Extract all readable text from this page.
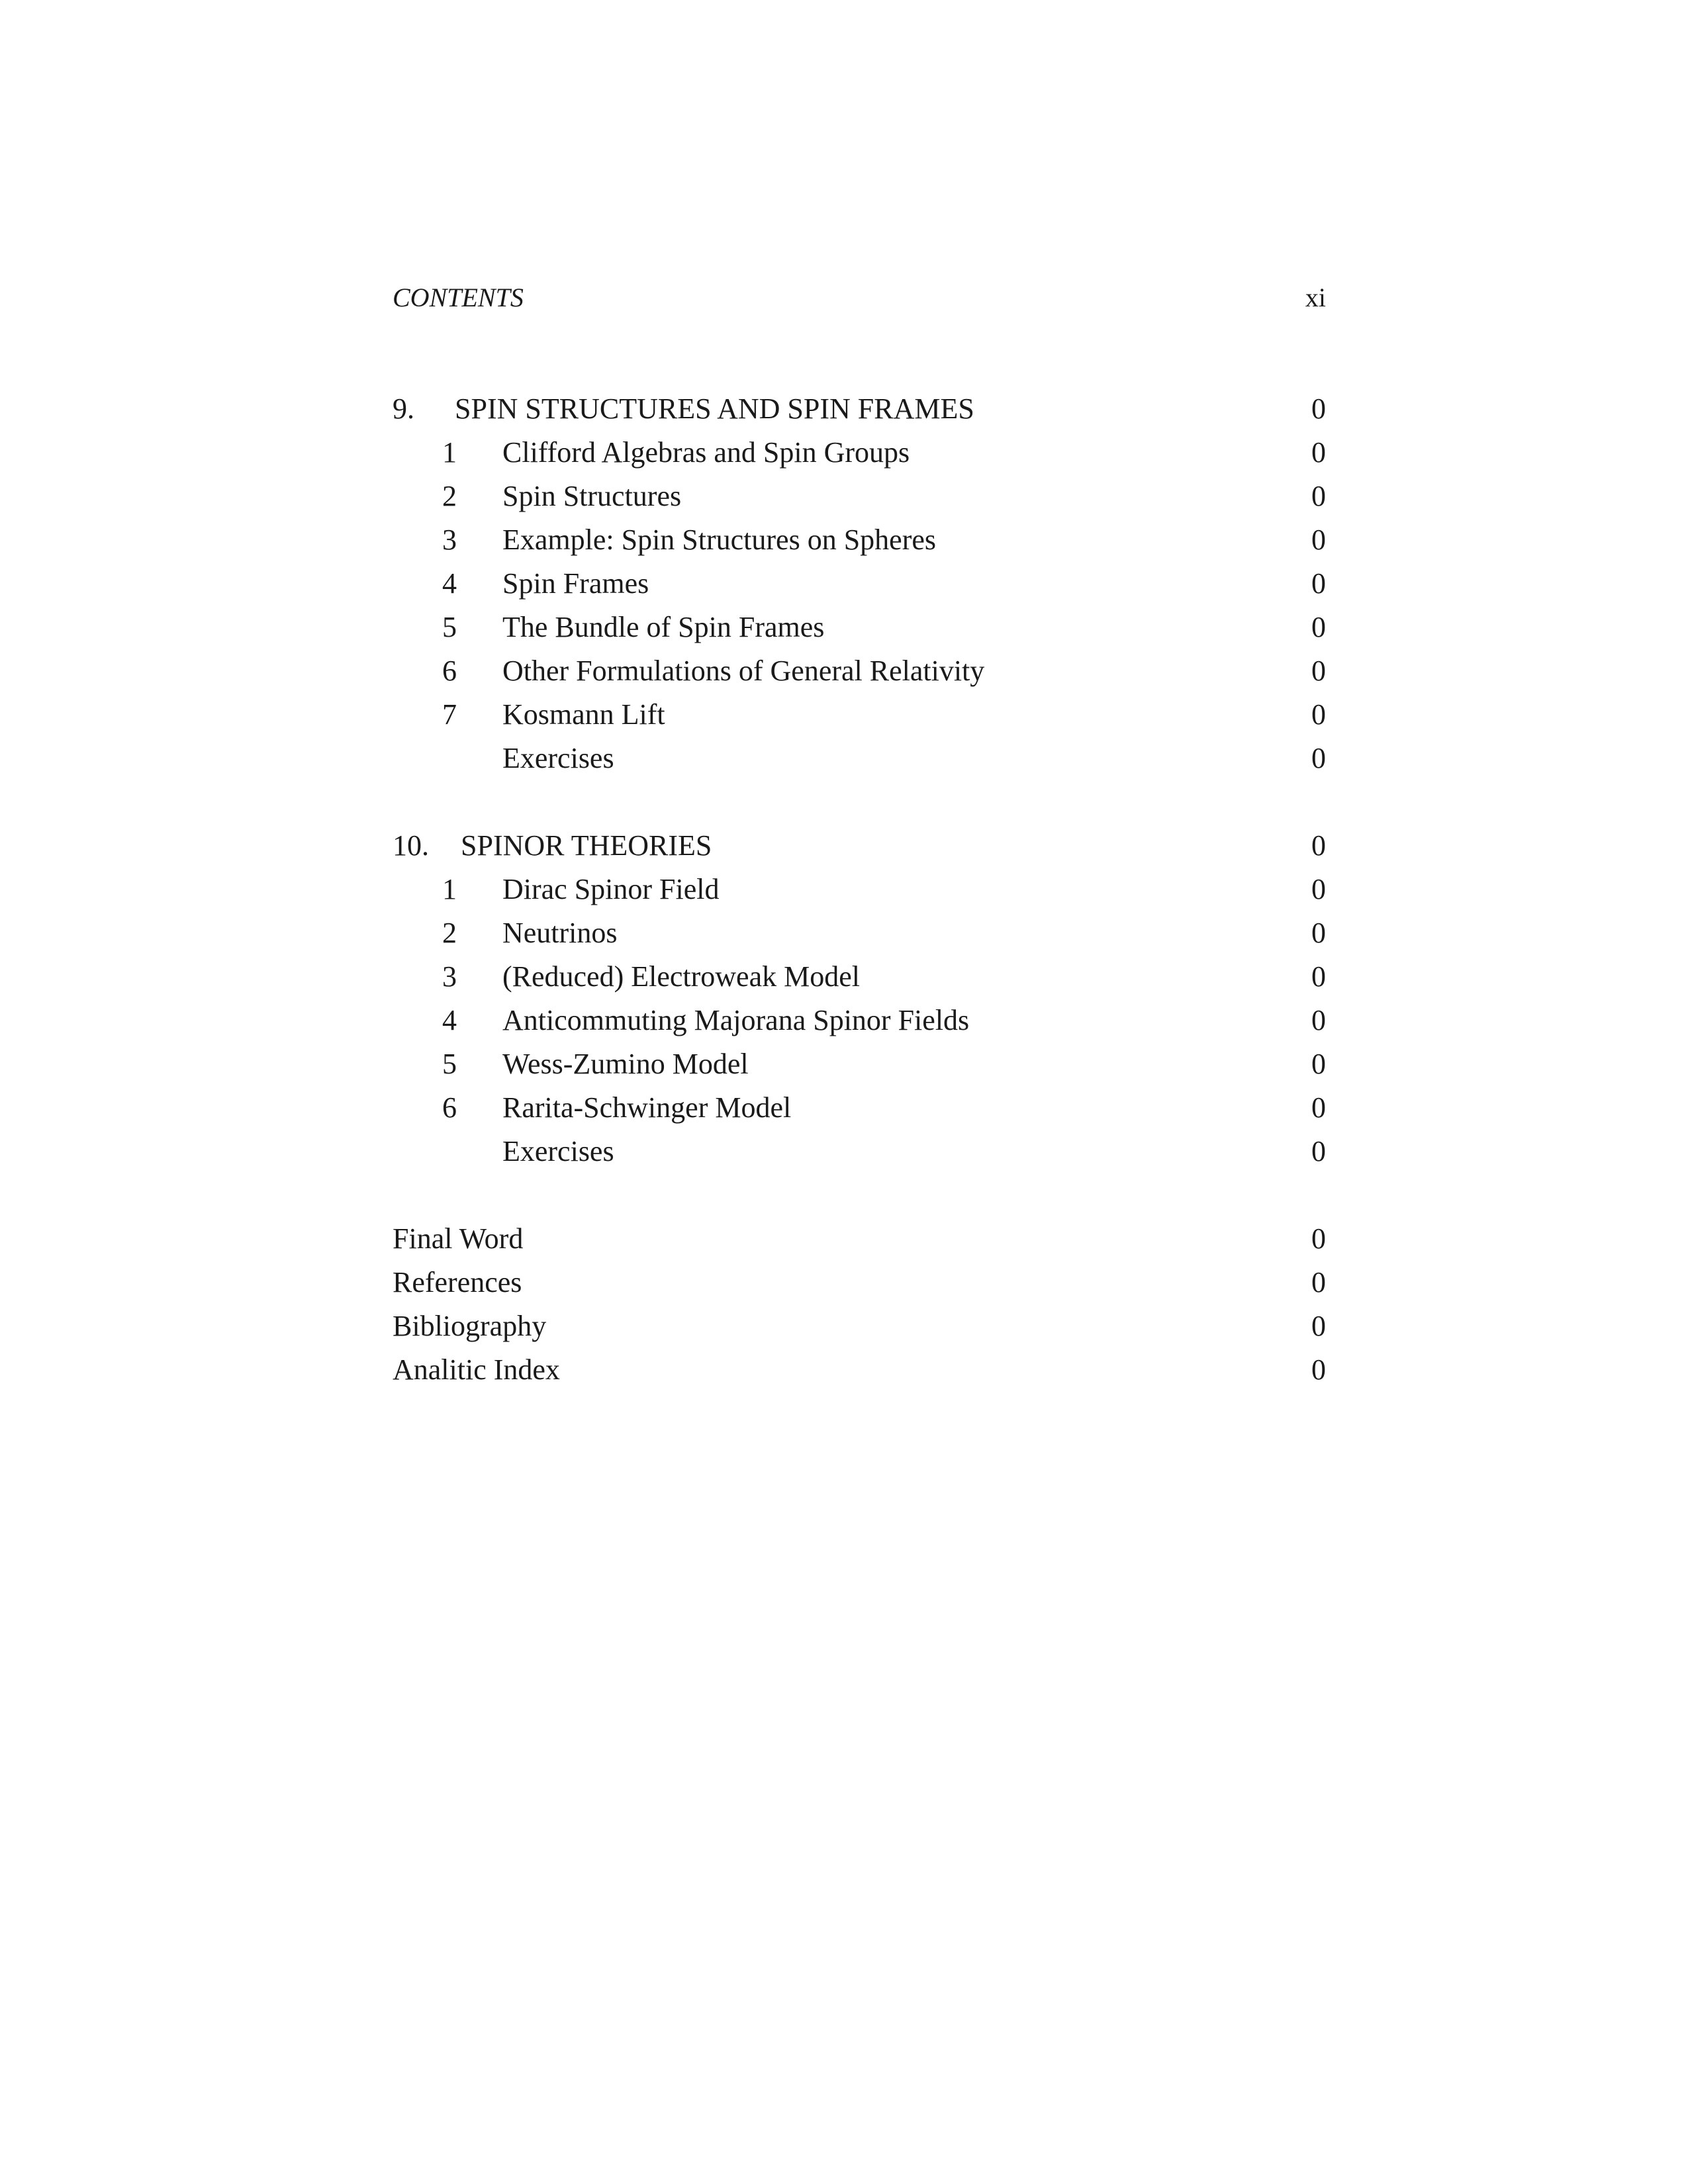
CONTENTS	xi
9. SPIN STRUCTURES AND SPIN FRAMES	0
1 Clifford Algebras and Spin Groups	0
2 Spin Structures	0
3 Example: Spin Structures on Spheres	0
4 Spin Frames	0
5 The Bundle of Spin Frames	0
6 Other Formulations of General Relativity	0
7 Kosmann Lift	0
Exercises	0
10. SPINOR THEORIES	0
1 Dirac Spinor Field	0
2 Neutrinos	0
3 (Reduced) Electroweak Model	0
4 Anticommuting Majorana Spinor Fields	0
5 Wess-Zumino Model	0
6 Rarita-Schwinger Model	0
Exercises	0
Final Word	0
References	0
Bibliography	0
Analitic Index	0
